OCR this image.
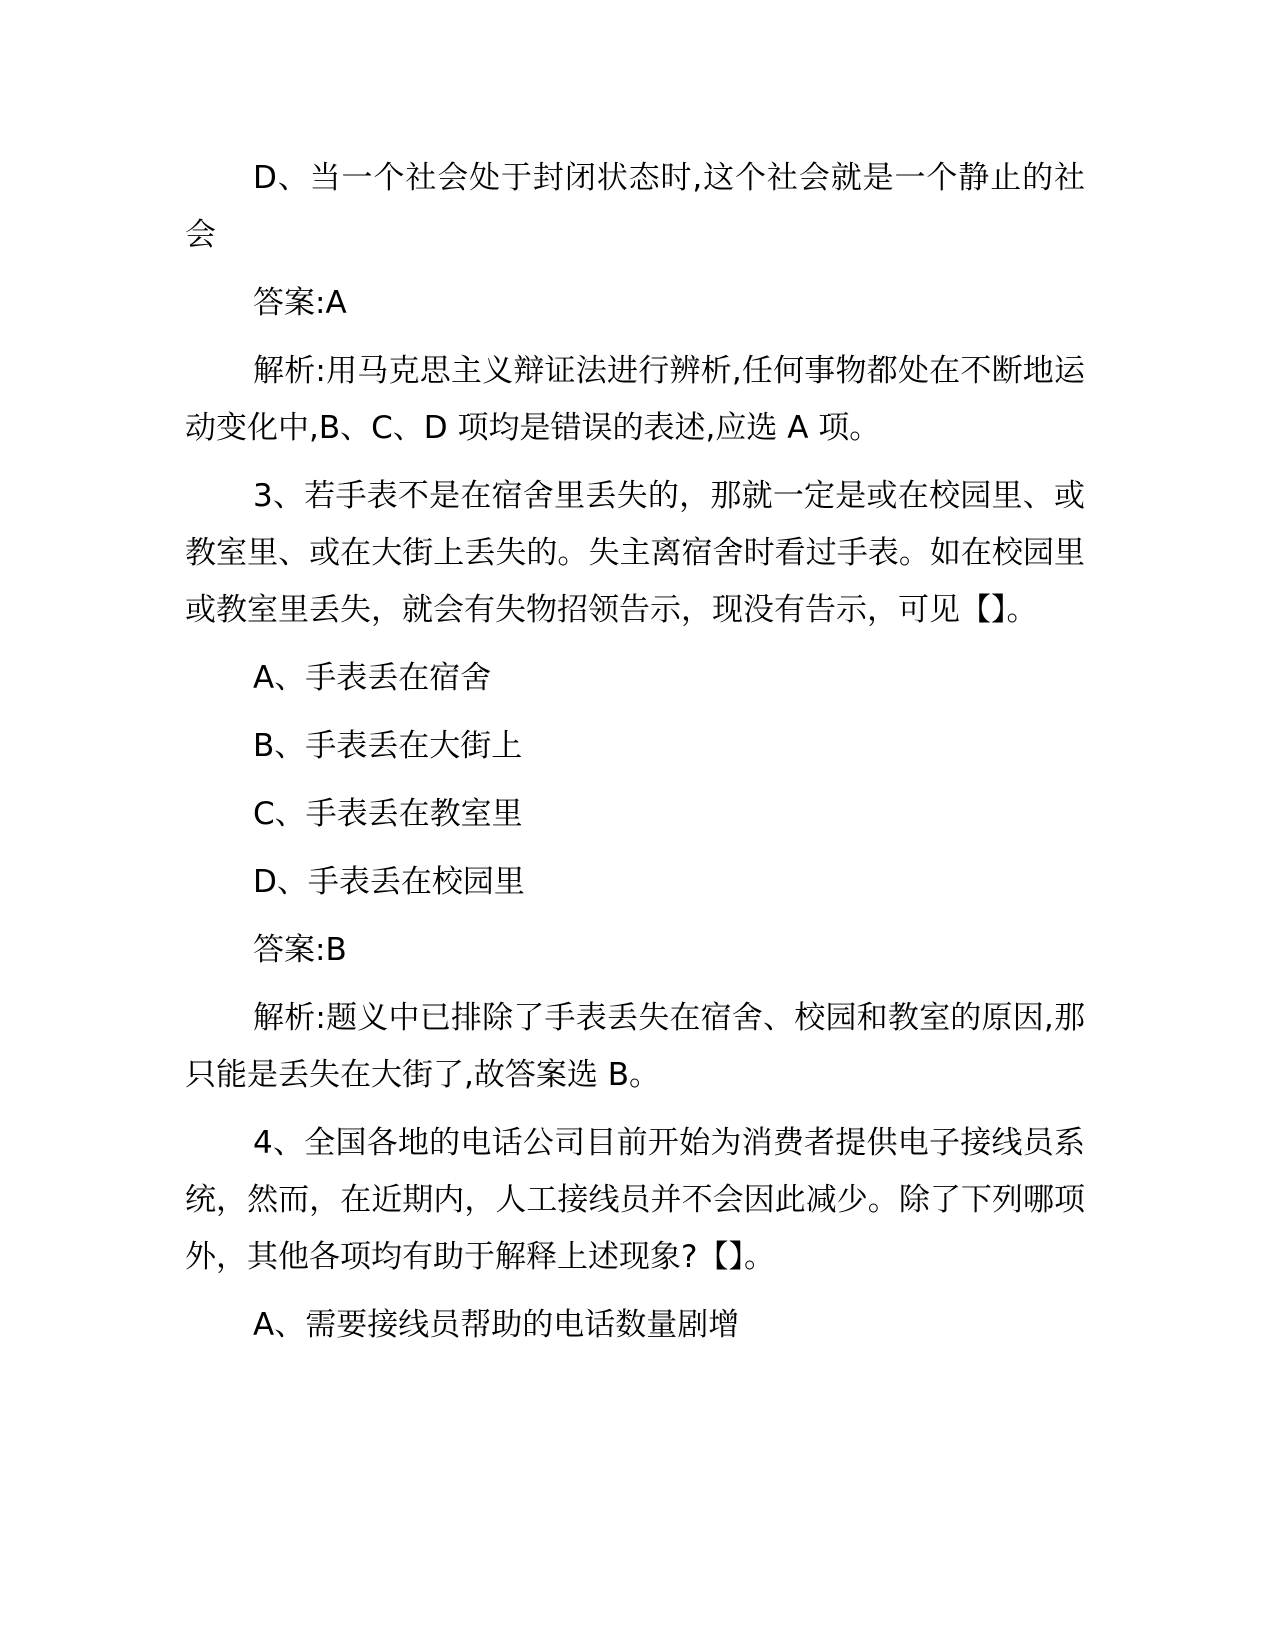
D、当一个社会处于封闭状态时,这个社会就是一个静止的社会

答案:A

解析:用马克思主义辩证法进行辨析,任何事物都处在不断地运动变化中,B、C、D 项均是错误的表述,应选 A 项。

3、若手表不是在宿舍里丢失的，那就一定是或在校园里、或教室里、或在大街上丢失的。失主离宿舍时看过手表。如在校园里或教室里丢失，就会有失物招领告示，现没有告示，可见【】。

A、手表丢在宿舍

B、手表丢在大街上

C、手表丢在教室里

D、手表丢在校园里

答案:B

解析:题义中已排除了手表丢失在宿舍、校园和教室的原因,那只能是丢失在大街了,故答案选 B。

4、全国各地的电话公司目前开始为消费者提供电子接线员系统，然而，在近期内，人工接线员并不会因此减少。除了下列哪项外，其他各项均有助于解释上述现象?【】。

A、需要接线员帮助的电话数量剧增
